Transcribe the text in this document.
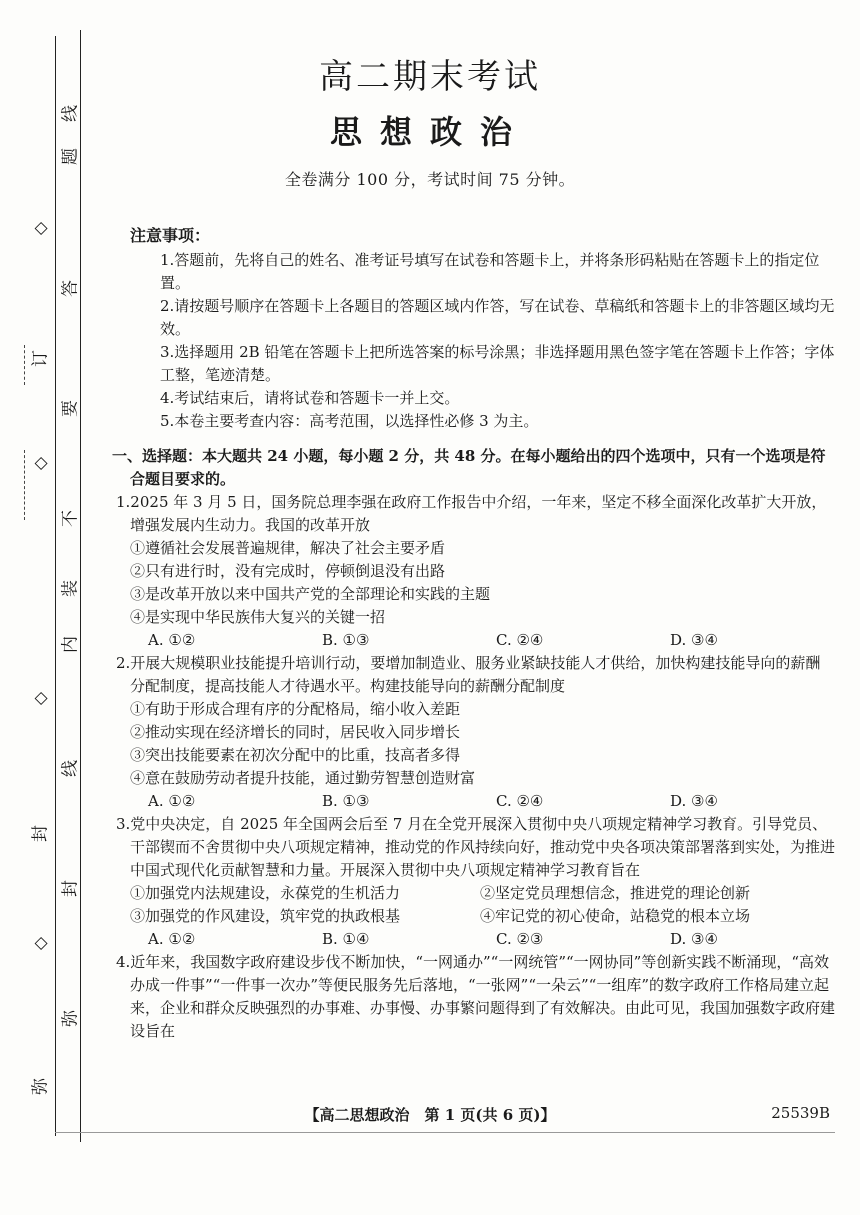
线
题
◇
答
订
要
◇
不
装
内
◇
线
封
封
◇
弥
弥
高二期末考试
思想政治
全卷满分 100 分，考试时间 75 分钟。
注意事项：
1.答题前，先将自己的姓名、准考证号填写在试卷和答题卡上，并将条形码粘贴在答题卡上的指定位置。
2.请按题号顺序在答题卡上各题目的答题区域内作答，写在试卷、草稿纸和答题卡上的非答题区域均无效。
3.选择题用 2B 铅笔在答题卡上把所选答案的标号涂黑；非选择题用黑色签字笔在答题卡上作答；字体工整，笔迹清楚。
4.考试结束后，请将试卷和答题卡一并上交。
5.本卷主要考查内容：高考范围，以选择性必修 3 为主。
一、选择题：本大题共 24 小题，每小题 2 分，共 48 分。在每小题给出的四个选项中，只有一个选项是符合题目要求的。
1.2025 年 3 月 5 日，国务院总理李强在政府工作报告中介绍，一年来，坚定不移全面深化改革扩大开放，增强发展内生动力。我国的改革开放
①遵循社会发展普遍规律，解决了社会主要矛盾
②只有进行时，没有完成时，停顿倒退没有出路
③是改革开放以来中国共产党的全部理论和实践的主题
④是实现中华民族伟大复兴的关键一招
A. ①②	B. ①③	C. ②④	D. ③④
2.开展大规模职业技能提升培训行动，要增加制造业、服务业紧缺技能人才供给，加快构建技能导向的薪酬分配制度，提高技能人才待遇水平。构建技能导向的薪酬分配制度
①有助于形成合理有序的分配格局，缩小收入差距
②推动实现在经济增长的同时，居民收入同步增长
③突出技能要素在初次分配中的比重，技高者多得
④意在鼓励劳动者提升技能，通过勤劳智慧创造财富
A. ①②	B. ①③	C. ②④	D. ③④
3.党中央决定，自 2025 年全国两会后至 7 月在全党开展深入贯彻中央八项规定精神学习教育。引导党员、干部锲而不舍贯彻中央八项规定精神，推动党的作风持续向好，推动党中央各项决策部署落到实处，为推进中国式现代化贡献智慧和力量。开展深入贯彻中央八项规定精神学习教育旨在
①加强党内法规建设，永葆党的生机活力	②坚定党员理想信念，推进党的理论创新
③加强党的作风建设，筑牢党的执政根基	④牢记党的初心使命，站稳党的根本立场
A. ①②	B. ①④	C. ②③	D. ③④
4.近年来，我国数字政府建设步伐不断加快，“一网通办”“一网统管”“一网协同”等创新实践不断涌现，“高效办成一件事”“一件事一次办”等便民服务先后落地，“一张网”“一朵云”“一组库”的数字政府工作格局建立起来，企业和群众反映强烈的办事难、办事慢、办事繁问题得到了有效解决。由此可见，我国加强数字政府建设旨在
【高二思想政治　第 1 页(共 6 页)】	25539B
